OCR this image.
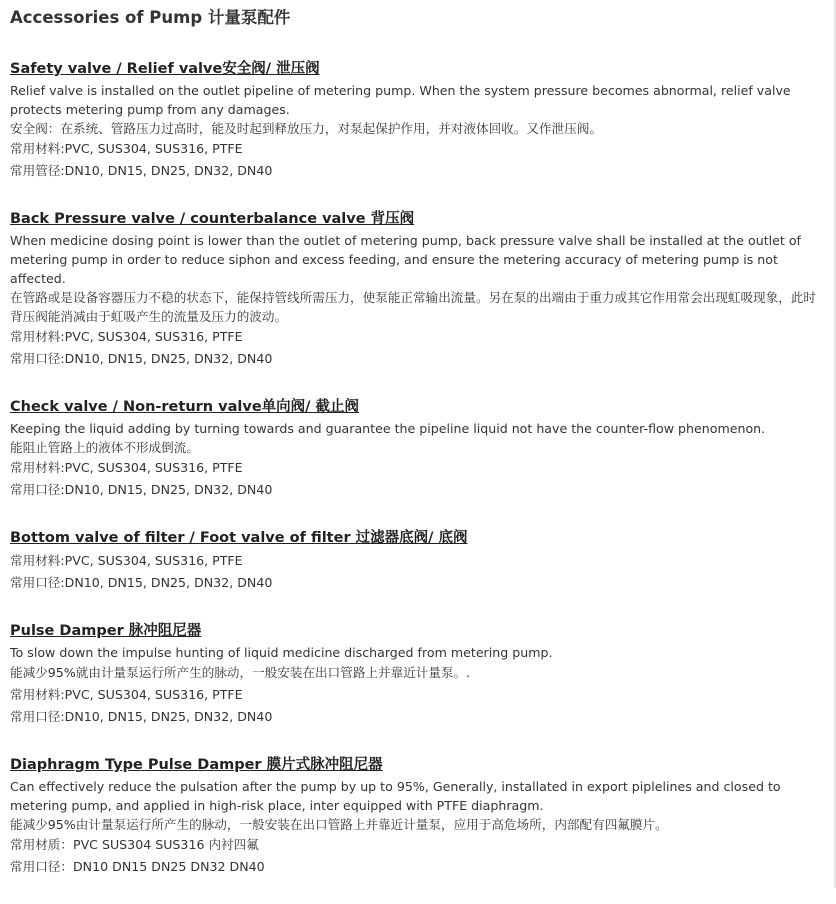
Accessories of Pump 计量泵配件
Safety valve / Relief valve安全阀/ 泄压阀

Relief valve is installed on the outlet pipeline of metering pump. When the system pressure becomes abnormal, relief valve protects metering pump from any damages.

安全阀：在系统、管路压力过高时，能及时起到释放压力，对泵起保护作用，并对液体回收。又作泄压阀。

常用材料:PVC, SUS304, SUS316, PTFE

常用管径:DN10, DN15, DN25, DN32, DN40

Back Pressure valve / counterbalance valve 背压阀

When medicine dosing point is lower than the outlet of metering pump, back pressure valve shall be installed at the outlet of metering pump in order to reduce siphon and excess feeding, and ensure the metering accuracy of metering pump is not affected.

在管路或是设备容器压力不稳的状态下，能保持管线所需压力，使泵能正常输出流量。另在泵的出端由于重力或其它作用常会出现虹吸现象，此时背压阀能消减由于虹吸产生的流量及压力的波动。

常用材料:PVC, SUS304, SUS316, PTFE

常用口径:DN10, DN15, DN25, DN32, DN40

Check valve / Non-return valve单向阀/ 截止阀

Keeping the liquid adding by turning towards and guarantee the pipeline liquid not have the counter-flow phenomenon.

能阻止管路上的液体不形成倒流。

常用材料:PVC, SUS304, SUS316, PTFE

常用口径:DN10, DN15, DN25, DN32, DN40

Bottom valve of filter / Foot valve of filter 过滤器底阀/ 底阀

常用材料:PVC, SUS304, SUS316, PTFE

常用口径:DN10, DN15, DN25, DN32, DN40

Pulse Damper 脉冲阻尼器

To slow down the impulse hunting of liquid medicine discharged from metering pump.

能减少95%就由计量泵运行所产生的脉动，一般安装在出口管路上并靠近计量泵。.

常用材料:PVC, SUS304, SUS316, PTFE

常用口径:DN10, DN15, DN25, DN32, DN40

Diaphragm Type Pulse Damper 膜片式脉冲阻尼器

Can effectively reduce the pulsation after the pump by up to 95%, Generally, installated in export piplelines and closed to metering pump, and applied in high-risk place, inter equipped with PTFE diaphragm.

能减少95%由计量泵运行所产生的脉动，一般安装在出口管路上并靠近计量泵，应用于高危场所，内部配有四氟膜片。

常用材质：PVC SUS304 SUS316 内衬四氟

常用口径：DN10 DN15 DN25 DN32 DN40
